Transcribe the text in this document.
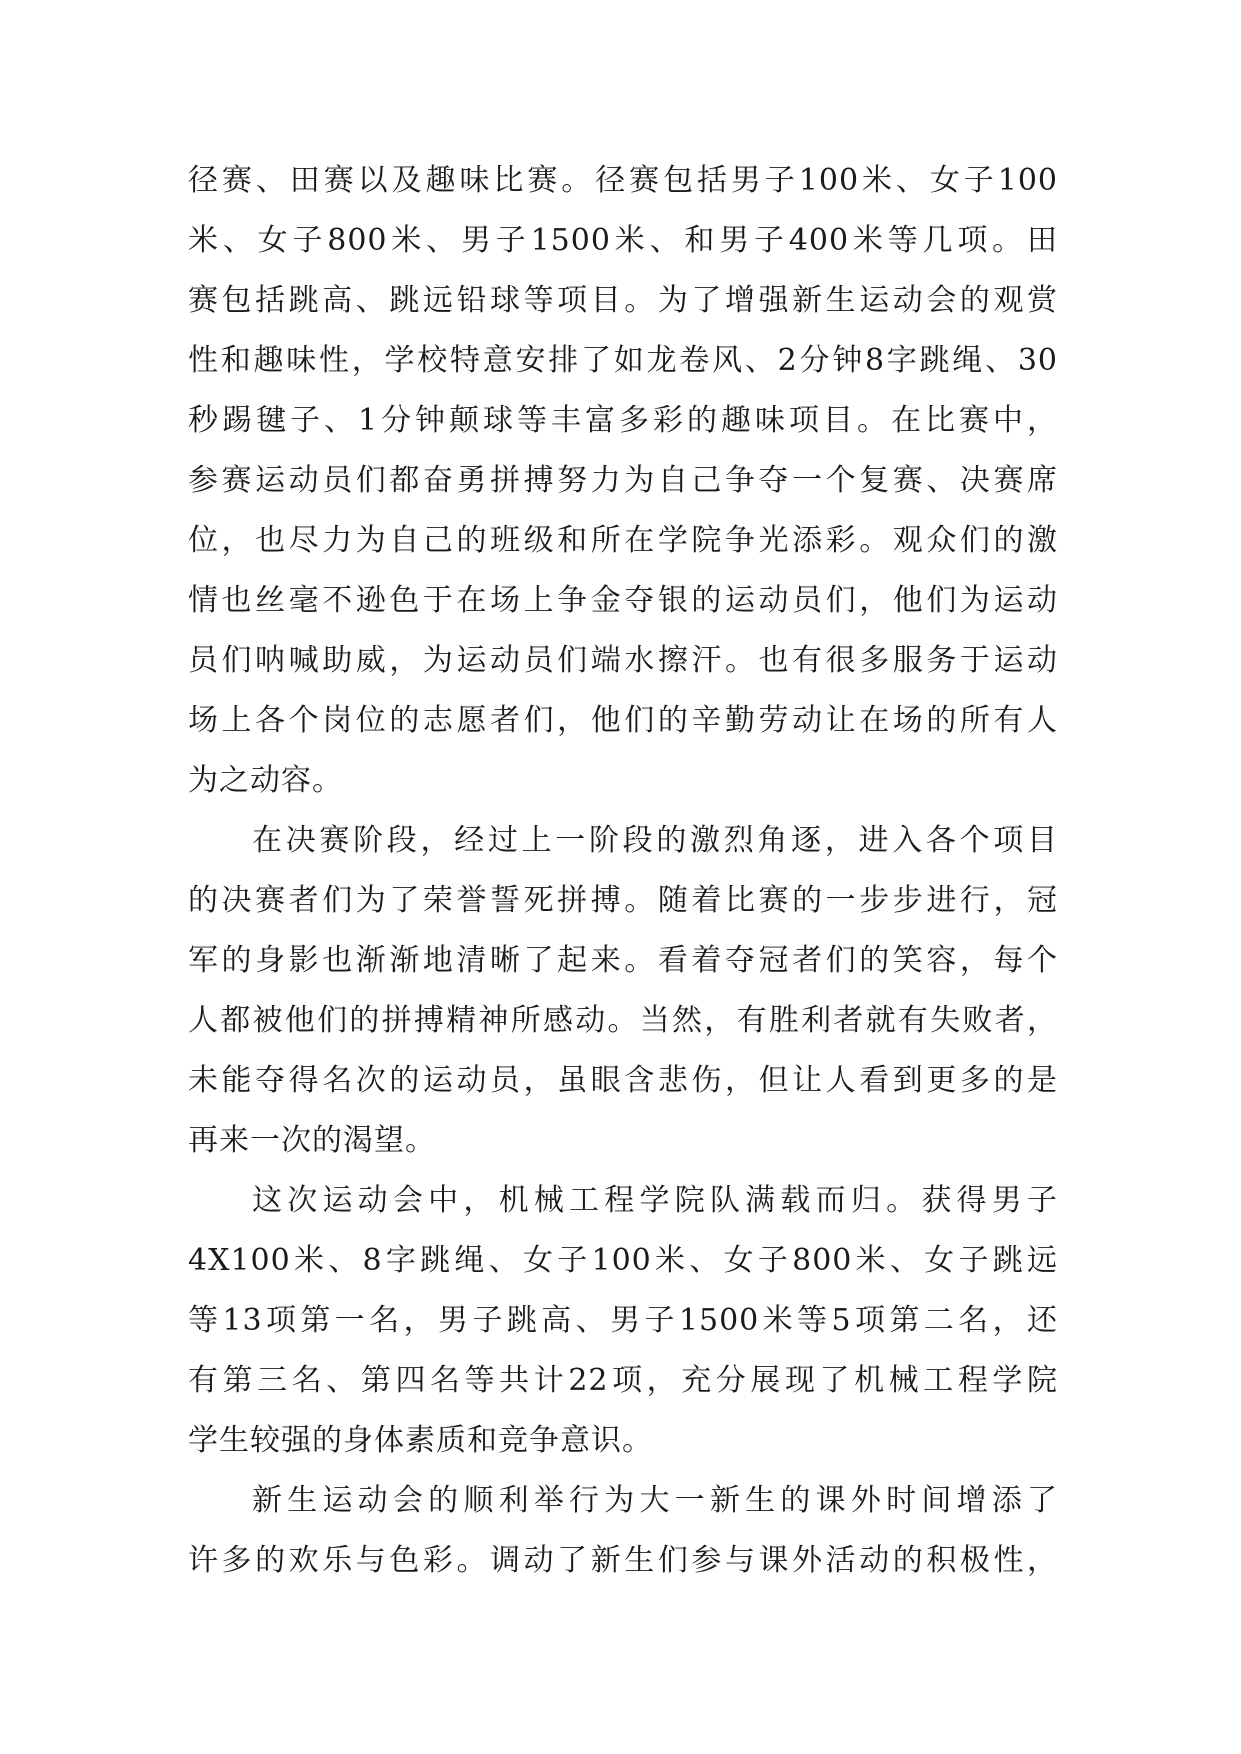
径赛、田赛以及趣味比赛。径赛包括男子100米、女子100
米、女子800米、男子1500米、和男子400米等几项。田
赛包括跳高、跳远铅球等项目。为了增强新生运动会的观赏
性和趣味性，学校特意安排了如龙卷风、2分钟8字跳绳、30
秒踢毽子、1分钟颠球等丰富多彩的趣味项目。在比赛中，
参赛运动员们都奋勇拼搏努力为自己争夺一个复赛、决赛席
位，也尽力为自己的班级和所在学院争光添彩。观众们的激
情也丝毫不逊色于在场上争金夺银的运动员们，他们为运动
员们呐喊助威，为运动员们端水擦汗。也有很多服务于运动
场上各个岗位的志愿者们，他们的辛勤劳动让在场的所有人
为之动容。
在决赛阶段，经过上一阶段的激烈角逐，进入各个项目
的决赛者们为了荣誉誓死拼搏。随着比赛的一步步进行，冠
军的身影也渐渐地清晰了起来。看着夺冠者们的笑容，每个
人都被他们的拼搏精神所感动。当然，有胜利者就有失败者，
未能夺得名次的运动员，虽眼含悲伤，但让人看到更多的是
再来一次的渴望。
这次运动会中，机械工程学院队满载而归。获得男子
4X100米、8字跳绳、女子100米、女子800米、女子跳远
等13项第一名，男子跳高、男子1500米等5项第二名，还
有第三名、第四名等共计22项，充分展现了机械工程学院
学生较强的身体素质和竞争意识。
新生运动会的顺利举行为大一新生的课外时间增添了
许多的欢乐与色彩。调动了新生们参与课外活动的积极性，
